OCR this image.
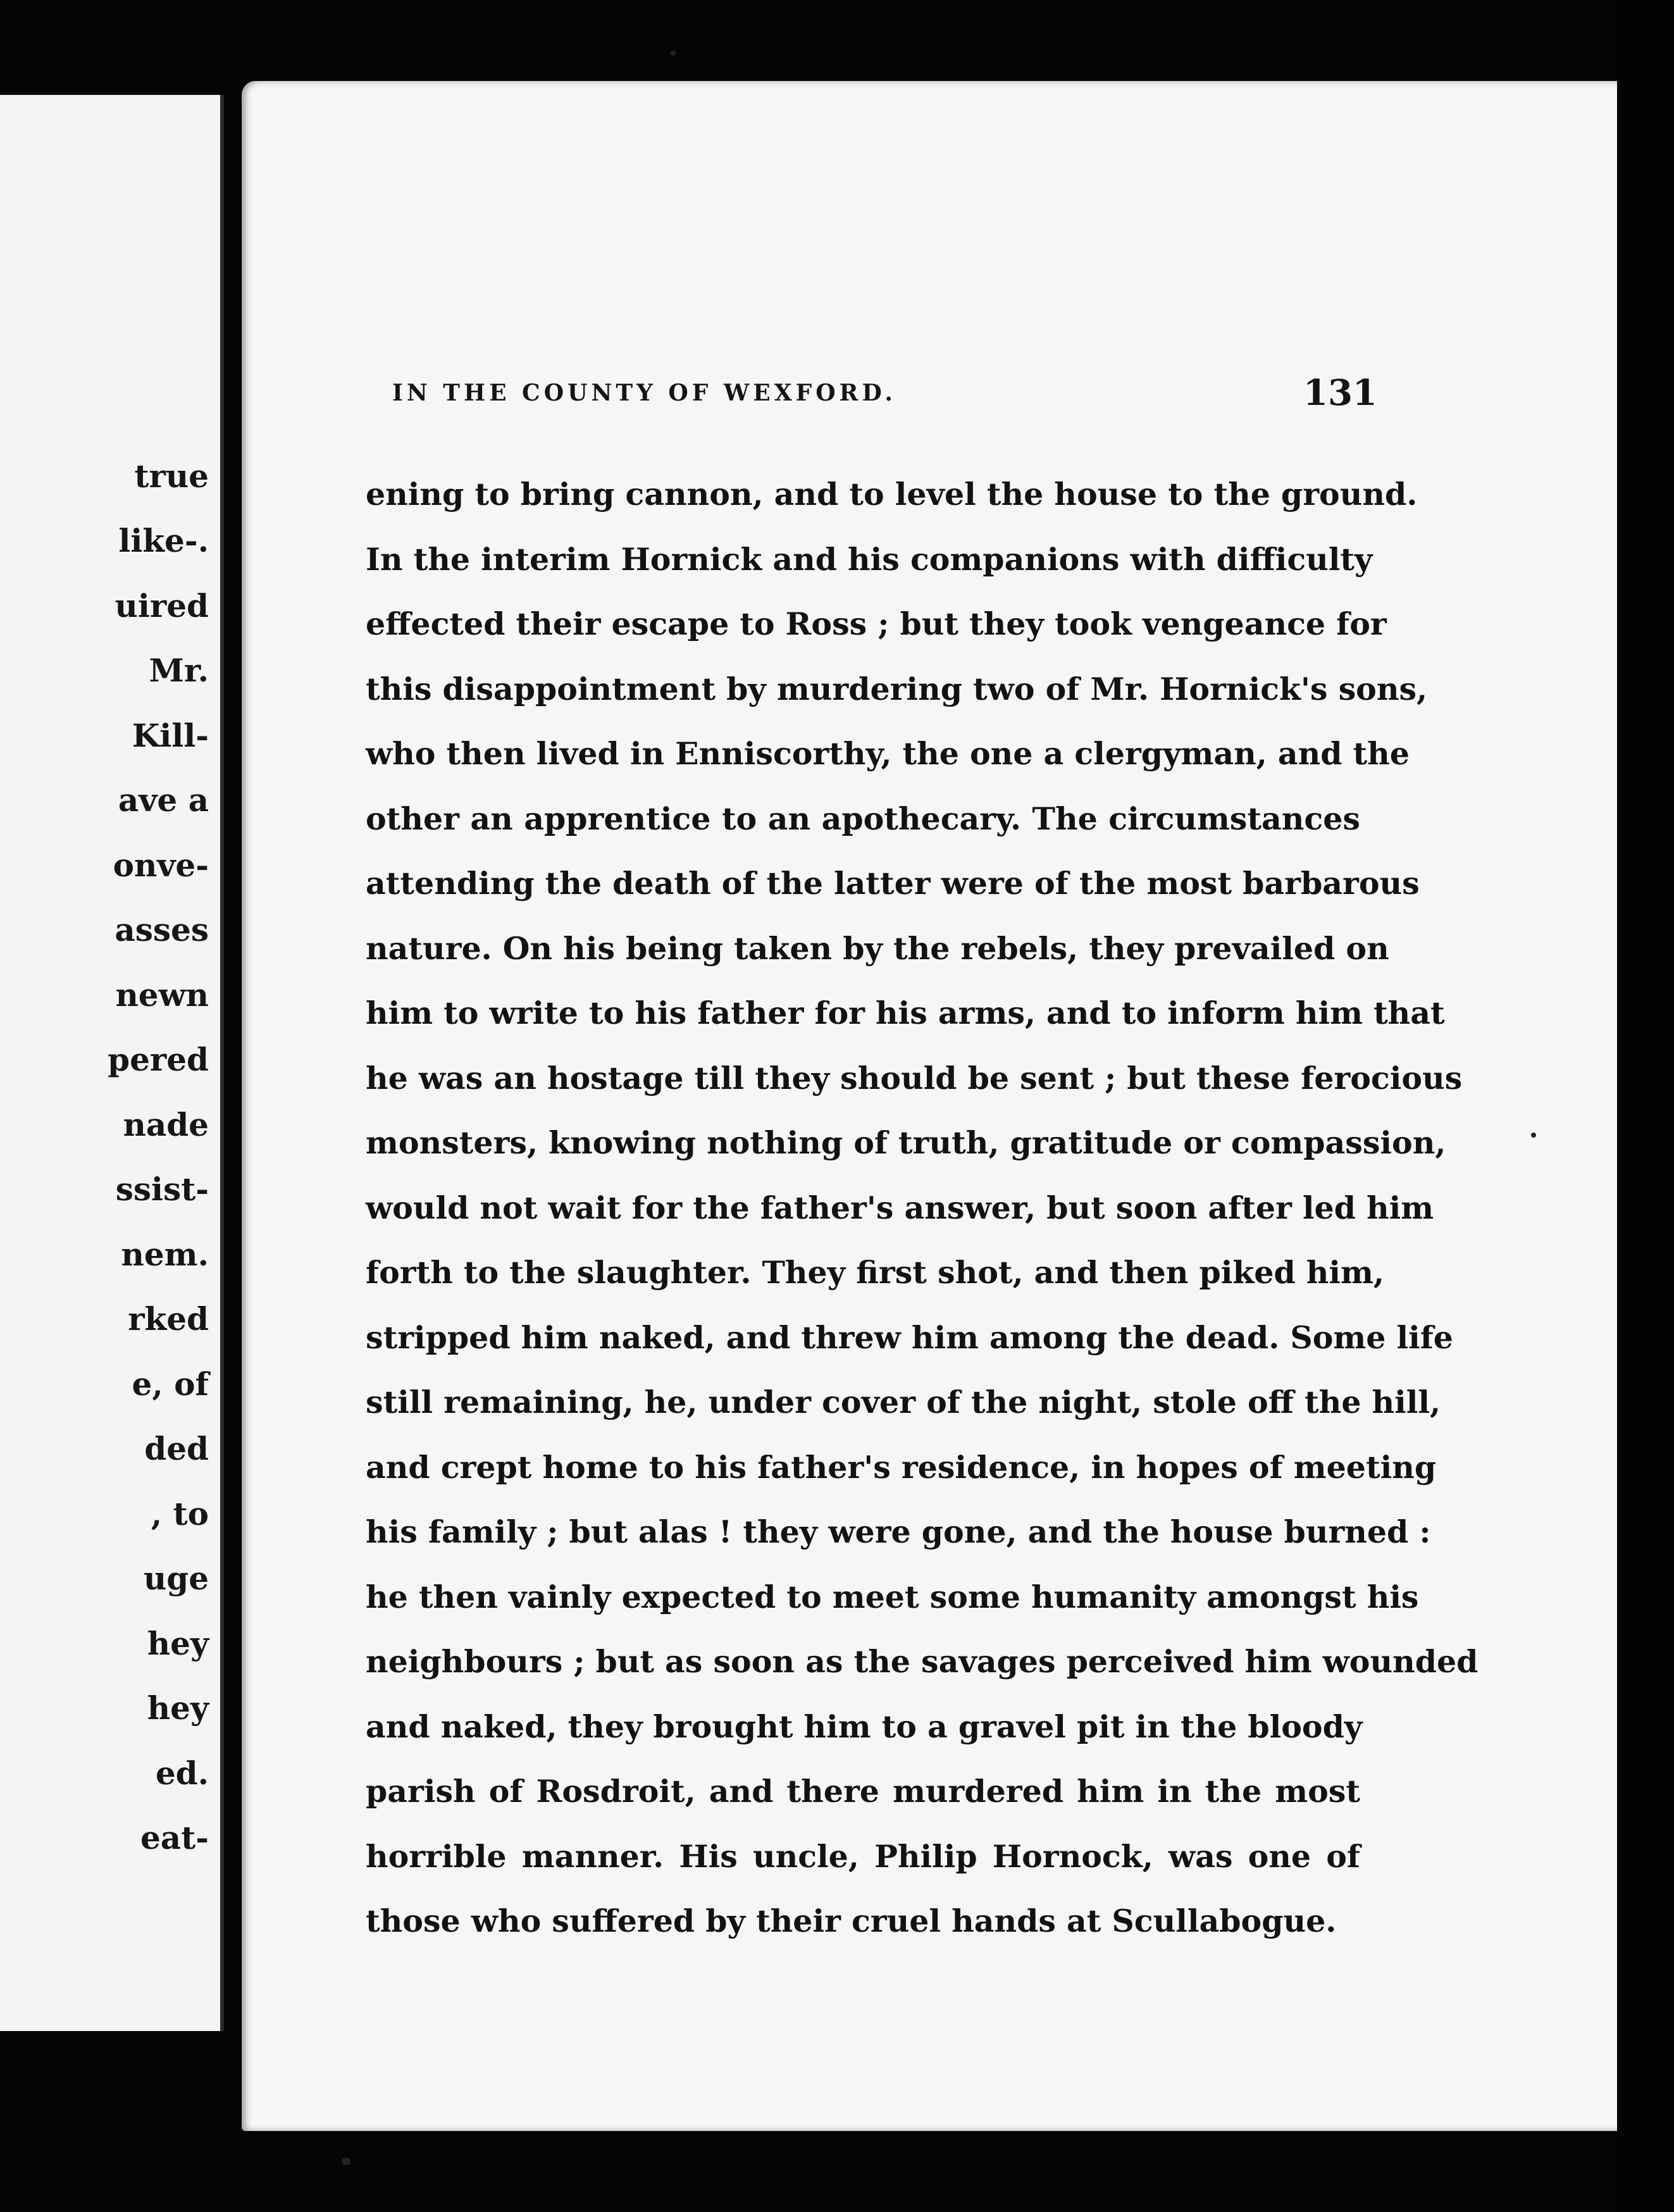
true
like-.
uired
Mr.
Kill-
ave a
onve-
asses
newn
pered
nade
ssist-
nem.
rked
e, of
ded
, to
uge
hey
hey
ed.
eat-
IN THE COUNTY OF WEXFORD.	131
ening to bring cannon, and to level the house to the ground.
In the interim Hornick and his companions with difficulty
effected their escape to Ross ; but they took vengeance for
this disappointment by murdering two of Mr. Hornick's sons,
who then lived in Enniscorthy, the one a clergyman, and the
other an apprentice to an apothecary. The circumstances
attending the death of the latter were of the most barbarous
nature. On his being taken by the rebels, they prevailed on
him to write to his father for his arms, and to inform him that
he was an hostage till they should be sent ; but these ferocious
monsters, knowing nothing of truth, gratitude or compassion,
would not wait for the father's answer, but soon after led him
forth to the slaughter. They first shot, and then piked him,
stripped him naked, and threw him among the dead. Some life
still remaining, he, under cover of the night, stole off the hill,
and crept home to his father's residence, in hopes of meeting
his family ; but alas ! they were gone, and the house burned :
he then vainly expected to meet some humanity amongst his
neighbours ; but as soon as the savages perceived him wounded
and naked, they brought him to a gravel pit in the bloody
parish of Rosdroit, and there murdered him in the most
horrible manner. His uncle, Philip Hornock, was one of
those who suffered by their cruel hands at Scullabogue.
